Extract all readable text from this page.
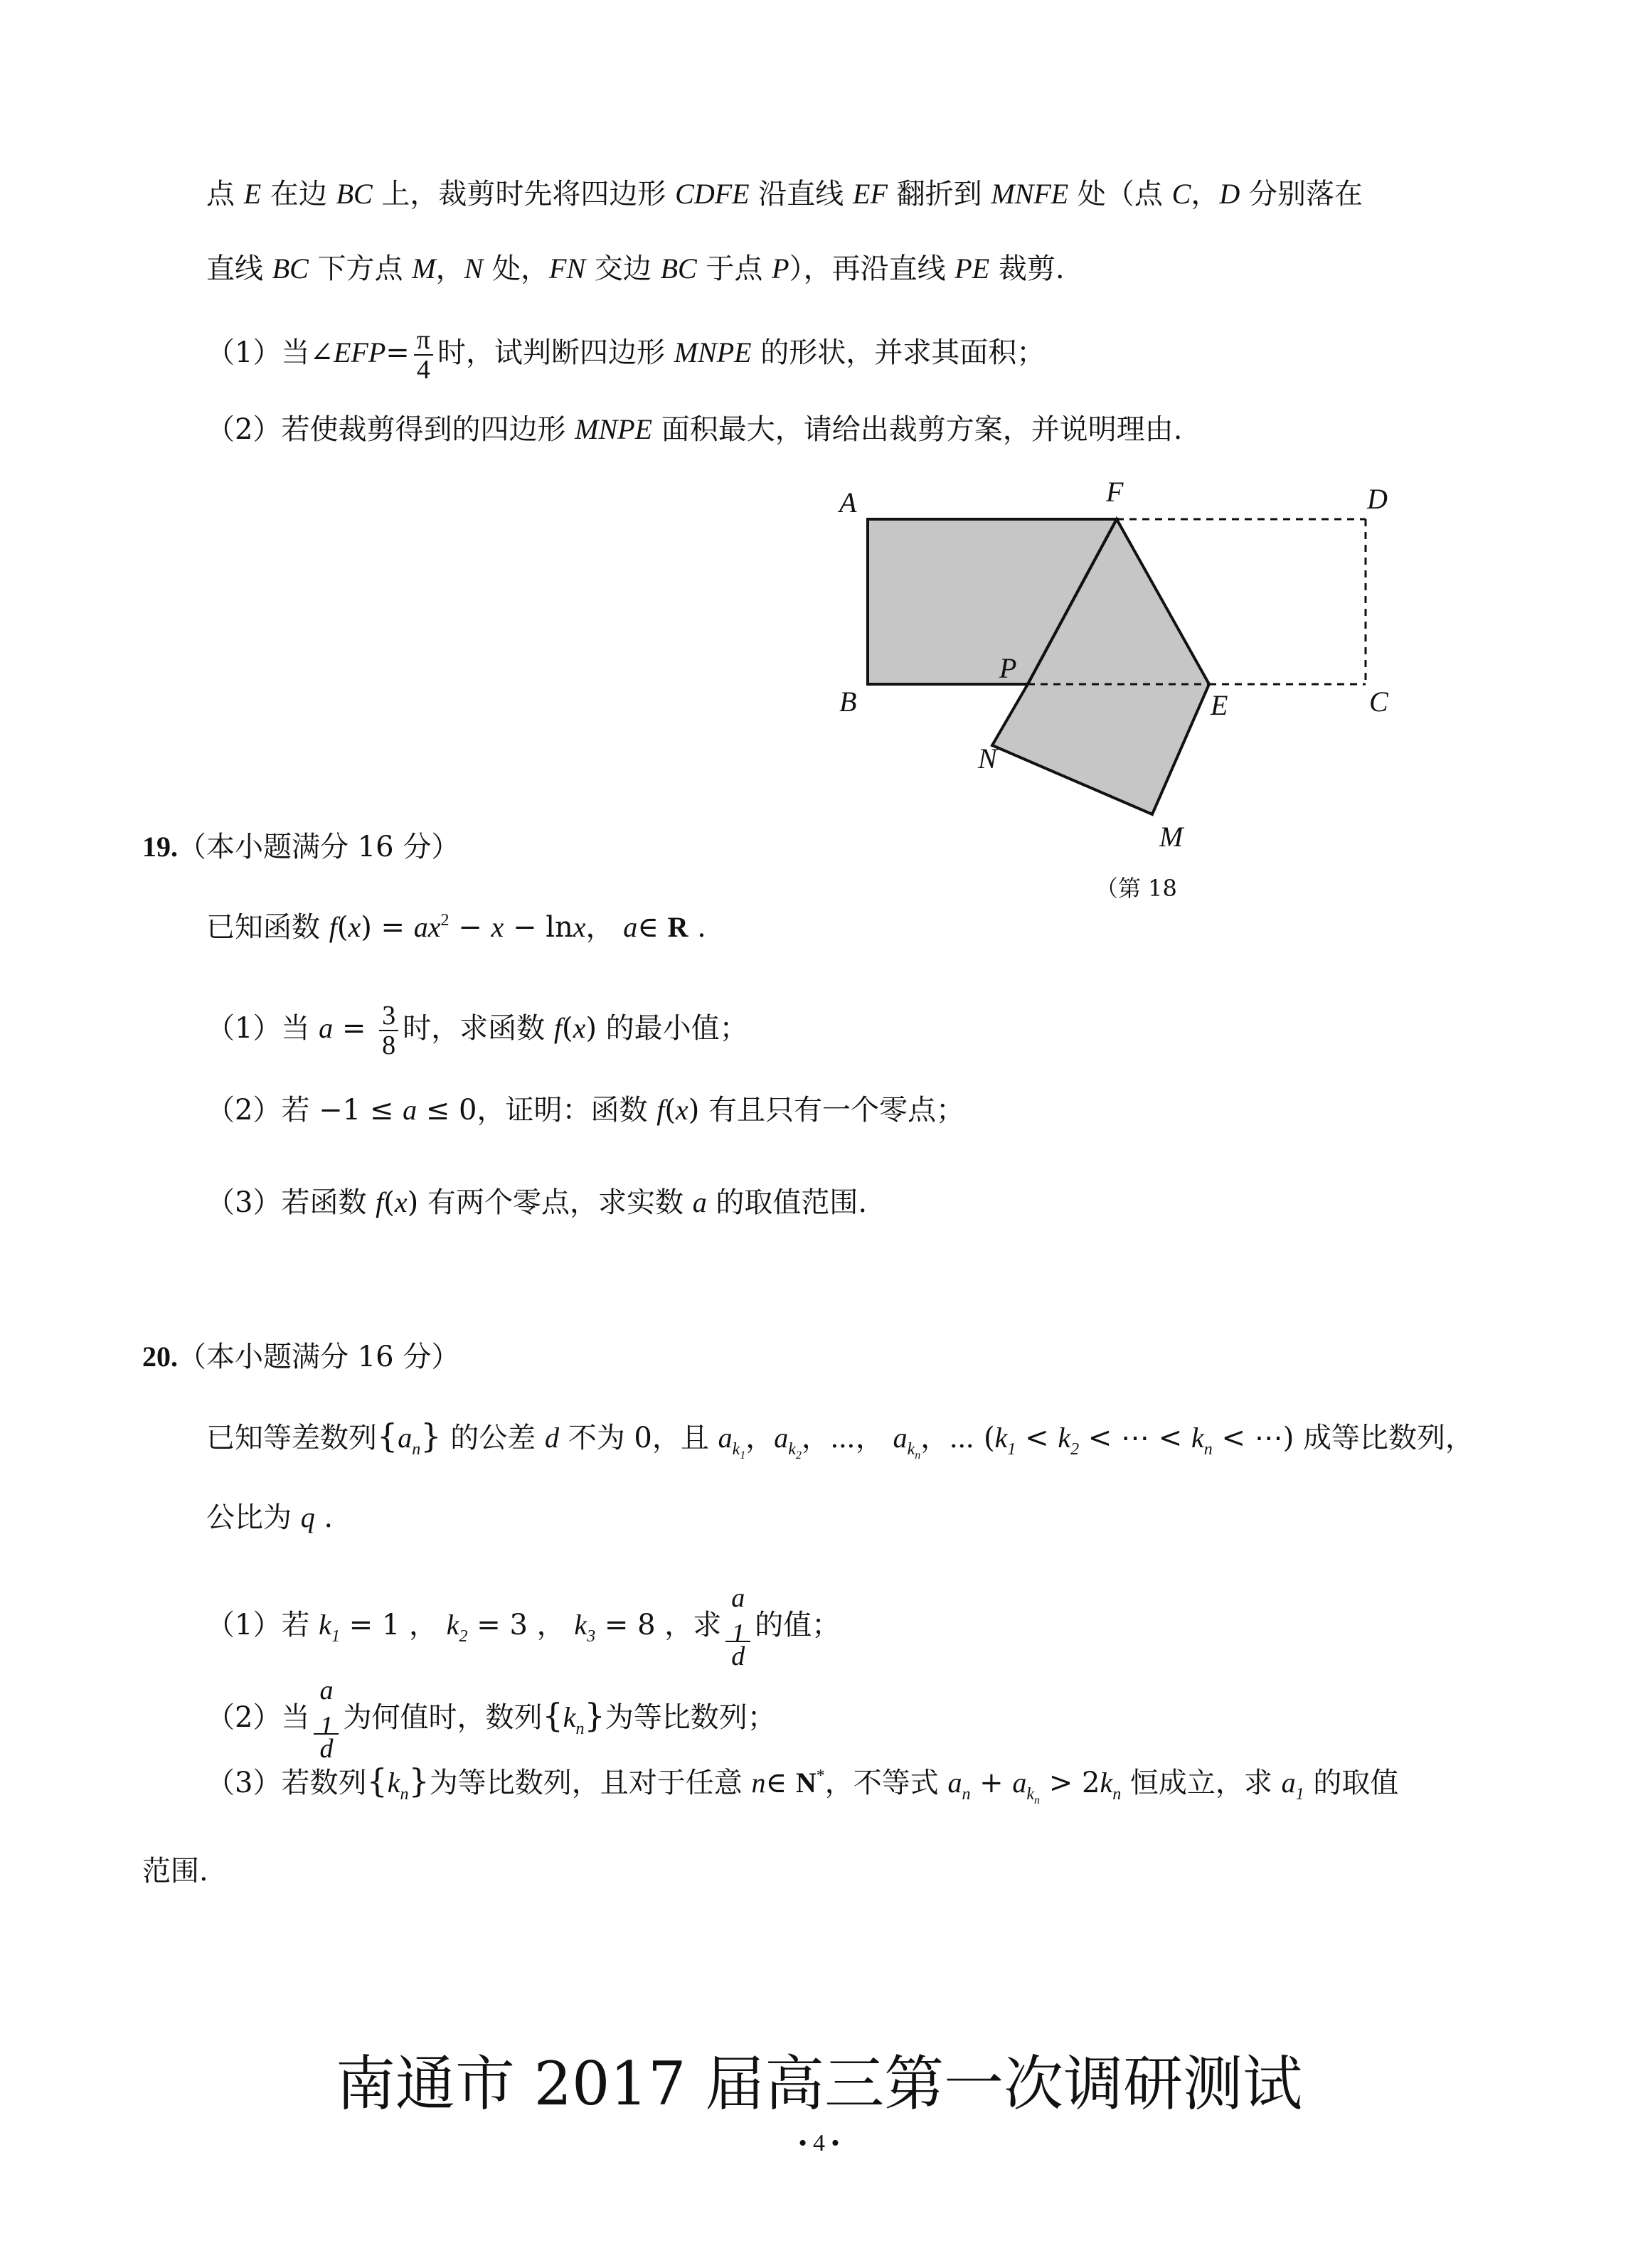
点 E 在边 BC 上，裁剪时先将四边形 CDFE 沿直线 EF 翻折到 MNFE 处（点 C，D 分别落在
直线 BC 下方点 M，N 处，FN 交边 BC 于点 P），再沿直线 PE 裁剪.
（1）当∠EFP= $\frac{\pi}{4}$ 时，试判断四边形 MNPE 的形状，并求其面积；
（2）若使裁剪得到的四边形 MNPE 面积最大，请给出裁剪方案，并说明理由.
A	F	D
B
P
E	C
N
M
（第 18
19.（本小题满分 16 分）
已知函数 $f(x) = ax^2 - x - \ln x$， a∈ R .
（1）当 $a = \frac{3}{8}$ 时，求函数 f(x) 的最小值；
（2）若 −1 ≤ a ≤ 0，证明：函数 f(x) 有且只有一个零点；
（3）若函数 f(x) 有两个零点，求实数 a 的取值范围.
20.（本小题满分 16 分）
已知等差数列$\{a_n\}$ 的公差 d 不为 0，且 $a_{k_1}$，$a_{k_2}$，⋯， $a_{k_n}$，⋯ ($k_1 < k_2$ < ⋯ < $k_n$ < ⋯) 成等比数列，
公比为 q .
（1）若 $k_1 = 1$ ， $k_2 = 3$ ， $k_3 = 8$ ，求 a
1
d 的值；
（2）当 a
1
d 为何值时，数列$\{k_n\}$为等比数列；
（3）若数列$\{k_n\}$为等比数列，且对于任意 n∈ N*，不等式 $a_n + a_{k_n} > 2k_n$ 恒成立，求 $a_1$ 的取值
范围.
南通市 2017 届高三第一次调研测试
• 4 •
